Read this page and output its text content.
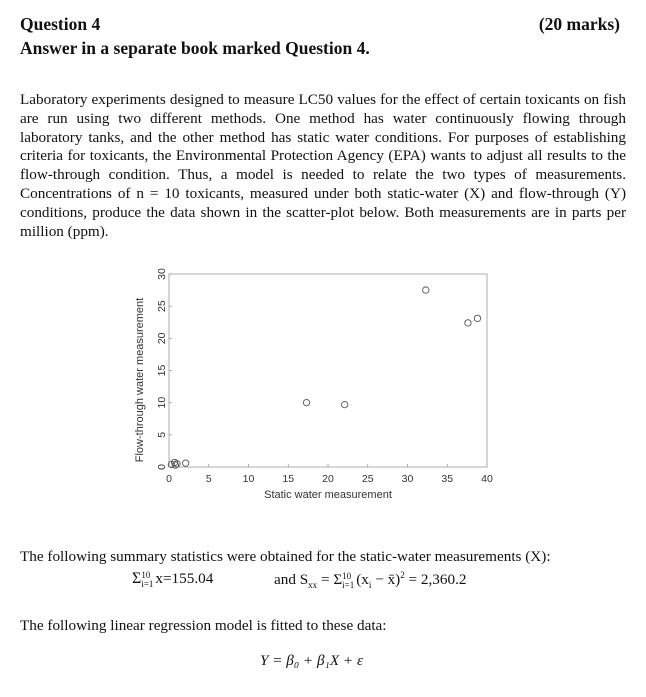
Question 4	(20 marks)
Answer in a separate book marked Question 4.
Laboratory experiments designed to measure LC50 values for the effect of certain toxicants on fish are run using two different methods. One method has water continuously flowing through laboratory tanks, and the other method has static water conditions. For purposes of establishing criteria for toxicants, the Environmental Protection Agency (EPA) wants to adjust all results to the flow-through condition. Thus, a model is needed to relate the two types of measurements. Concentrations of n = 10 toxicants, measured under both static-water (X) and flow-through (Y) conditions, produce the data shown in the scatter-plot below. Both measurements are in parts per million (ppm).
0	5	10	15	20	25	30	35	40
0
5
10
15
20
25
30
Static water measurement
Flow-through water measurement
The following summary statistics were obtained for the static-water measurements (X):
Σ 10
i=1 x=155.04	and $S_{xx} = \Sigma$ 10
i=1 ($x_i$ − x̄)$^2$ = 2,360.2
The following linear regression model is fitted to these data:
Y = β₀ + β₁X + ε
